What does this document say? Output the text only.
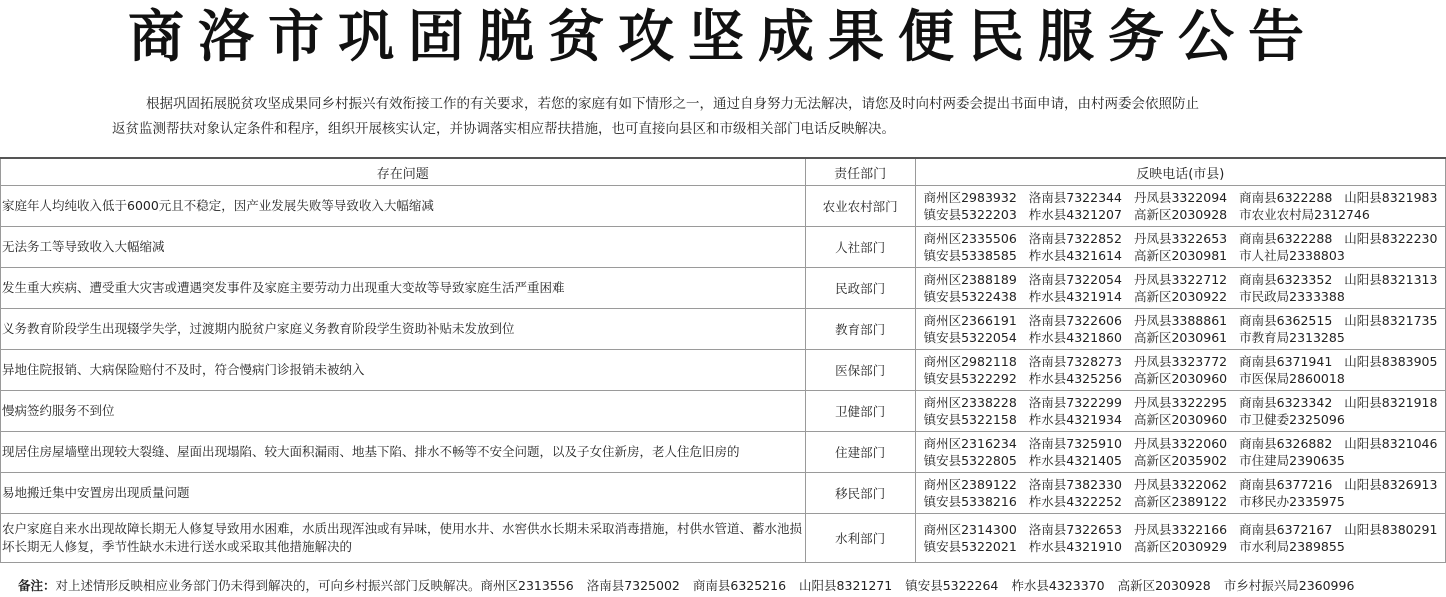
商洛市巩固脱贫攻坚成果便民服务公告
根据巩固拓展脱贫攻坚成果同乡村振兴有效衔接工作的有关要求，若您的家庭有如下情形之一，通过自身努力无法解决，请您及时向村两委会提出书面申请，由村两委会依照防止
返贫监测帮扶对象认定条件和程序，组织开展核实认定，并协调落实相应帮扶措施，也可直接向县区和市级相关部门电话反映解决。
存在问题	责任部门	反映电话(市县)
家庭年人均纯收入低于6000元且不稳定，因产业发展失败等导致收入大幅缩减	农业农村部门	商州区2983932 洛南县7322344 丹凤县3322094 商南县6322288 山阳县8321983
镇安县5322203 柞水县4321207 高新区2030928 市农业农村局2312746

无法务工等导致收入大幅缩减	人社部门	商州区2335506 洛南县7322852 丹凤县3322653 商南县6322288 山阳县8322230
镇安县5338585 柞水县4321614 高新区2030981 市人社局2338803

发生重大疾病、遭受重大灾害或遭遇突发事件及家庭主要劳动力出现重大变故等导致家庭生活严重困难	民政部门	商州区2388189 洛南县7322054 丹凤县3322712 商南县6323352 山阳县8321313
镇安县5322438 柞水县4321914 高新区2030922 市民政局2333388

义务教育阶段学生出现辍学失学，过渡期内脱贫户家庭义务教育阶段学生资助补贴未发放到位	教育部门	商州区2366191 洛南县7322606 丹凤县3388861 商南县6362515 山阳县8321735
镇安县5322054 柞水县4321860 高新区2030961 市教育局2313285

异地住院报销、大病保险赔付不及时，符合慢病门诊报销未被纳入	医保部门	商州区2982118 洛南县7328273 丹凤县3323772 商南县6371941 山阳县8383905
镇安县5322292 柞水县4325256 高新区2030960 市医保局2860018

慢病签约服务不到位	卫健部门	商州区2338228 洛南县7322299 丹凤县3322295 商南县6323342 山阳县8321918
镇安县5322158 柞水县4321934 高新区2030960 市卫健委2325096

现居住房屋墙壁出现较大裂缝、屋面出现塌陷、较大面积漏雨、地基下陷、排水不畅等不安全问题，以及子女住新房，老人住危旧房的	住建部门	商州区2316234 洛南县7325910 丹凤县3322060 商南县6326882 山阳县8321046
镇安县5322805 柞水县4321405 高新区2035902 市住建局2390635

易地搬迁集中安置房出现质量问题	移民部门	商州区2389122 洛南县7382330 丹凤县3322062 商南县6377216 山阳县8326913
镇安县5338216 柞水县4322252 高新区2389122 市移民办2335975

农户家庭自来水出现故障长期无人修复导致用水困难，水质出现浑浊或有异味，使用水井、水窖供水长期未采取消毒措施，村供水管道、蓄水池损坏长期无人修复，季节性缺水未进行送水或采取其他措施解决的	水利部门	商州区2314300 洛南县7322653 丹凤县3322166 商南县6372167 山阳县8380291
镇安县5322021 柞水县4321910 高新区2030929 市水利局2389855
备注：对上述情形反映相应业务部门仍未得到解决的，可向乡村振兴部门反映解决。商州区2313556 洛南县7325002 商南县6325216 山阳县8321271 镇安县5322264 柞水县4323370 高新区2030928 市乡村振兴局2360996
